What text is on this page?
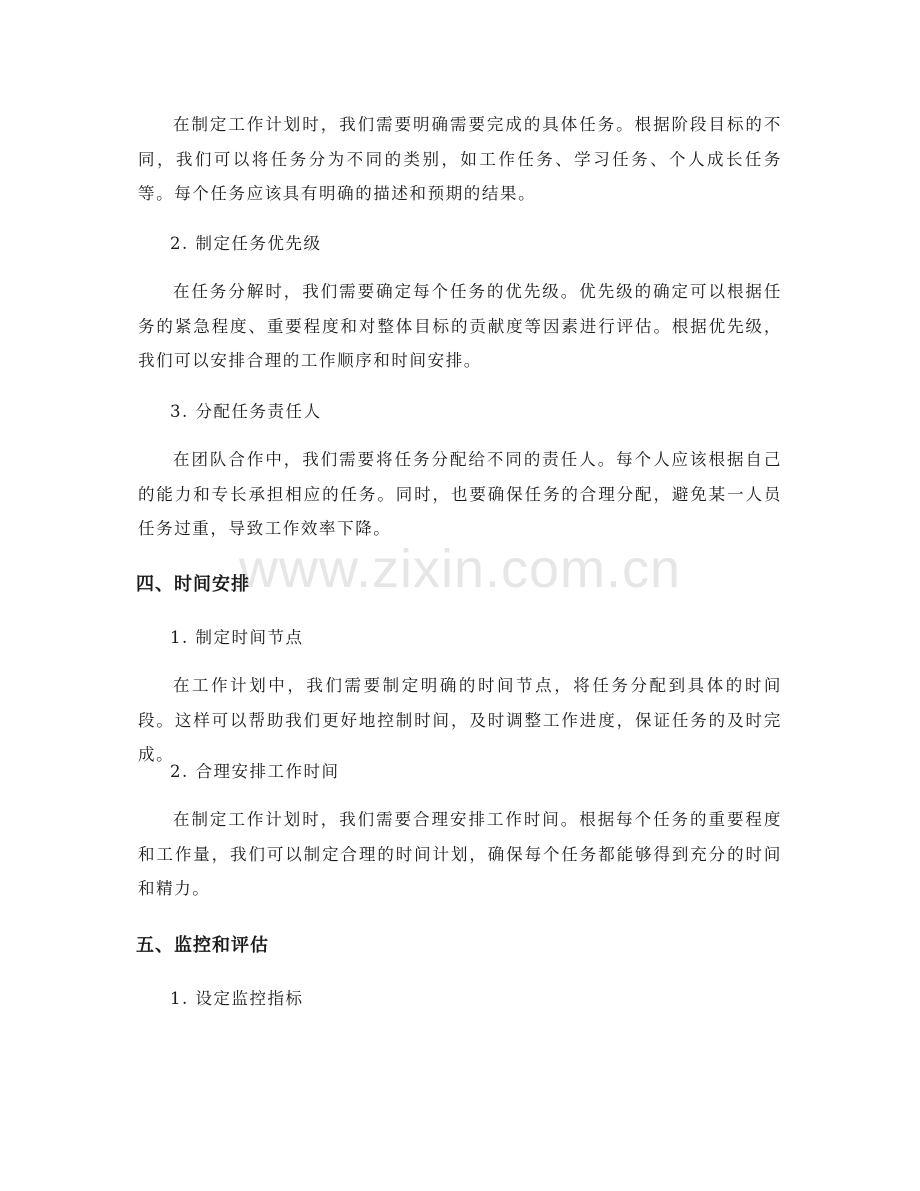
www.zixin.com.cn

在制定工作计划时，我们需要明确需要完成的具体任务。根据阶段目标的不同，我们可以将任务分为不同的类别，如工作任务、学习任务、个人成长任务等。每个任务应该具有明确的描述和预期的结果。

2. 制定任务优先级

在任务分解时，我们需要确定每个任务的优先级。优先级的确定可以根据任务的紧急程度、重要程度和对整体目标的贡献度等因素进行评估。根据优先级，我们可以安排合理的工作顺序和时间安排。

3. 分配任务责任人

在团队合作中，我们需要将任务分配给不同的责任人。每个人应该根据自己的能力和专长承担相应的任务。同时，也要确保任务的合理分配，避免某一人员任务过重，导致工作效率下降。

四、时间安排

1. 制定时间节点

在工作计划中，我们需要制定明确的时间节点，将任务分配到具体的时间段。这样可以帮助我们更好地控制时间，及时调整工作进度，保证任务的及时完成。

2. 合理安排工作时间

在制定工作计划时，我们需要合理安排工作时间。根据每个任务的重要程度和工作量，我们可以制定合理的时间计划，确保每个任务都能够得到充分的时间和精力。

五、监控和评估

1. 设定监控指标
